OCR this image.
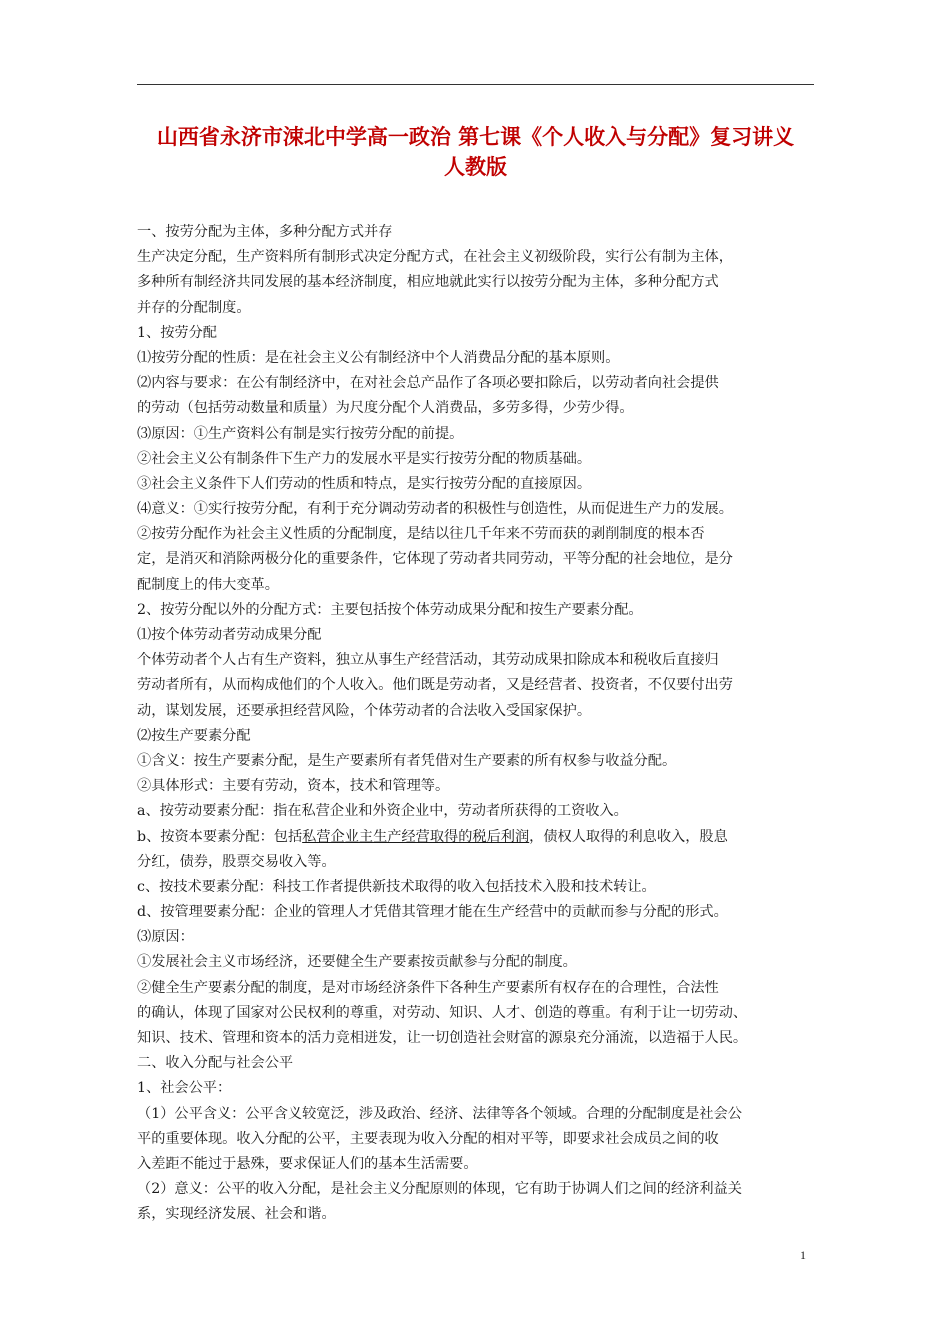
山西省永济市涑北中学高一政治 第七课《个人收入与分配》复习讲义
人教版
一、按劳分配为主体，多种分配方式并存
生产决定分配，生产资料所有制形式决定分配方式，在社会主义初级阶段，实行公有制为主体，
多种所有制经济共同发展的基本经济制度，相应地就此实行以按劳分配为主体，多种分配方式
并存的分配制度。
1、按劳分配
⑴按劳分配的性质：是在社会主义公有制经济中个人消费品分配的基本原则。
⑵内容与要求：在公有制经济中，在对社会总产品作了各项必要扣除后，以劳动者向社会提供
的劳动（包括劳动数量和质量）为尺度分配个人消费品，多劳多得，少劳少得。
⑶原因：①生产资料公有制是实行按劳分配的前提。
②社会主义公有制条件下生产力的发展水平是实行按劳分配的物质基础。
③社会主义条件下人们劳动的性质和特点，是实行按劳分配的直接原因。
⑷意义：①实行按劳分配，有利于充分调动劳动者的积极性与创造性，从而促进生产力的发展。
②按劳分配作为社会主义性质的分配制度，是结以往几千年来不劳而获的剥削制度的根本否
定，是消灭和消除两极分化的重要条件，它体现了劳动者共同劳动，平等分配的社会地位，是分
配制度上的伟大变革。
2、按劳分配以外的分配方式：主要包括按个体劳动成果分配和按生产要素分配。
⑴按个体劳动者劳动成果分配
个体劳动者个人占有生产资料，独立从事生产经营活动，其劳动成果扣除成本和税收后直接归
劳动者所有，从而构成他们的个人收入。他们既是劳动者，又是经营者、投资者，不仅要付出劳
动，谋划发展，还要承担经营风险，个体劳动者的合法收入受国家保护。
⑵按生产要素分配
①含义：按生产要素分配，是生产要素所有者凭借对生产要素的所有权参与收益分配。
②具体形式：主要有劳动，资本，技术和管理等。
a、按劳动要素分配：指在私营企业和外资企业中，劳动者所获得的工资收入。
b、按资本要素分配：包括私营企业主生产经营取得的税后利润，债权人取得的利息收入，股息
分红，债券，股票交易收入等。
c、按技术要素分配：科技工作者提供新技术取得的收入包括技术入股和技术转让。
d、按管理要素分配：企业的管理人才凭借其管理才能在生产经营中的贡献而参与分配的形式。
⑶原因：
①发展社会主义市场经济，还要健全生产要素按贡献参与分配的制度。
②健全生产要素分配的制度，是对市场经济条件下各种生产要素所有权存在的合理性，合法性
的确认，体现了国家对公民权利的尊重，对劳动、知识、人才、创造的尊重。有利于让一切劳动、
知识、技术、管理和资本的活力竞相迸发，让一切创造社会财富的源泉充分涌流，以造福于人民。
二、收入分配与社会公平
1、社会公平：
（1）公平含义：公平含义较宽泛，涉及政治、经济、法律等各个领域。合理的分配制度是社会公
平的重要体现。收入分配的公平，主要表现为收入分配的相对平等，即要求社会成员之间的收
入差距不能过于悬殊，要求保证人们的基本生活需要。
（2）意义：公平的收入分配，是社会主义分配原则的体现，它有助于协调人们之间的经济利益关
系，实现经济发展、社会和谐。
1
